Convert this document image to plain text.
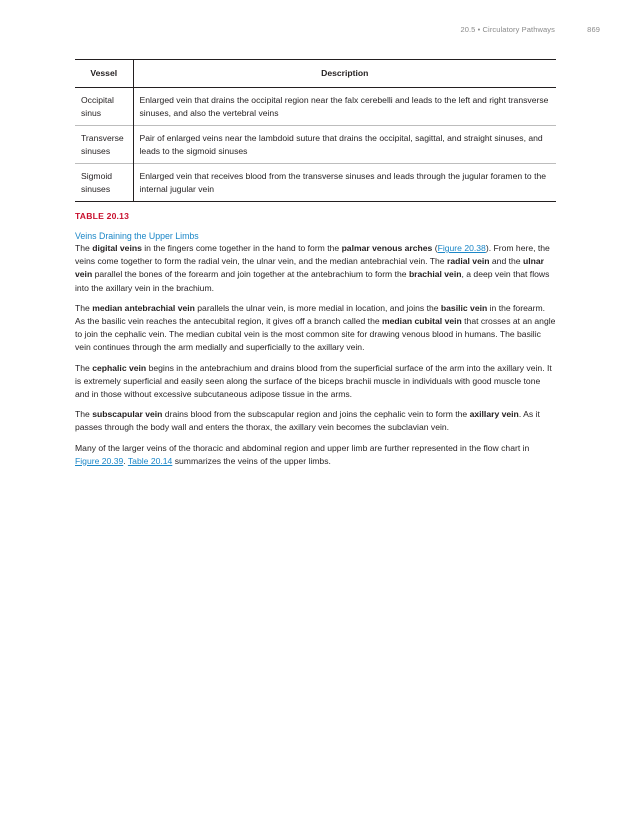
20.5 • Circulatory Pathways	869
Vessel	Description
Occipital sinus	Enlarged vein that drains the occipital region near the falx cerebelli and leads to the left and right transverse sinuses, and also the vertebral veins
Transverse sinuses	Pair of enlarged veins near the lambdoid suture that drains the occipital, sagittal, and straight sinuses, and leads to the sigmoid sinuses
Sigmoid sinuses	Enlarged vein that receives blood from the transverse sinuses and leads through the jugular foramen to the internal jugular vein
TABLE 20.13
Veins Draining the Upper Limbs

The digital veins in the fingers come together in the hand to form the palmar venous arches (Figure 20.38). From here, the veins come together to form the radial vein, the ulnar vein, and the median antebrachial vein. The radial vein and the ulnar vein parallel the bones of the forearm and join together at the antebrachium to form the brachial vein, a deep vein that flows into the axillary vein in the brachium.

The median antebrachial vein parallels the ulnar vein, is more medial in location, and joins the basilic vein in the forearm. As the basilic vein reaches the antecubital region, it gives off a branch called the median cubital vein that crosses at an angle to join the cephalic vein. The median cubital vein is the most common site for drawing venous blood in humans. The basilic vein continues through the arm medially and superficially to the axillary vein.

The cephalic vein begins in the antebrachium and drains blood from the superficial surface of the arm into the axillary vein. It is extremely superficial and easily seen along the surface of the biceps brachii muscle in individuals with good muscle tone and in those without excessive subcutaneous adipose tissue in the arms.

The subscapular vein drains blood from the subscapular region and joins the cephalic vein to form the axillary vein. As it passes through the body wall and enters the thorax, the axillary vein becomes the subclavian vein.

Many of the larger veins of the thoracic and abdominal region and upper limb are further represented in the flow chart in Figure 20.39. Table 20.14 summarizes the veins of the upper limbs.
